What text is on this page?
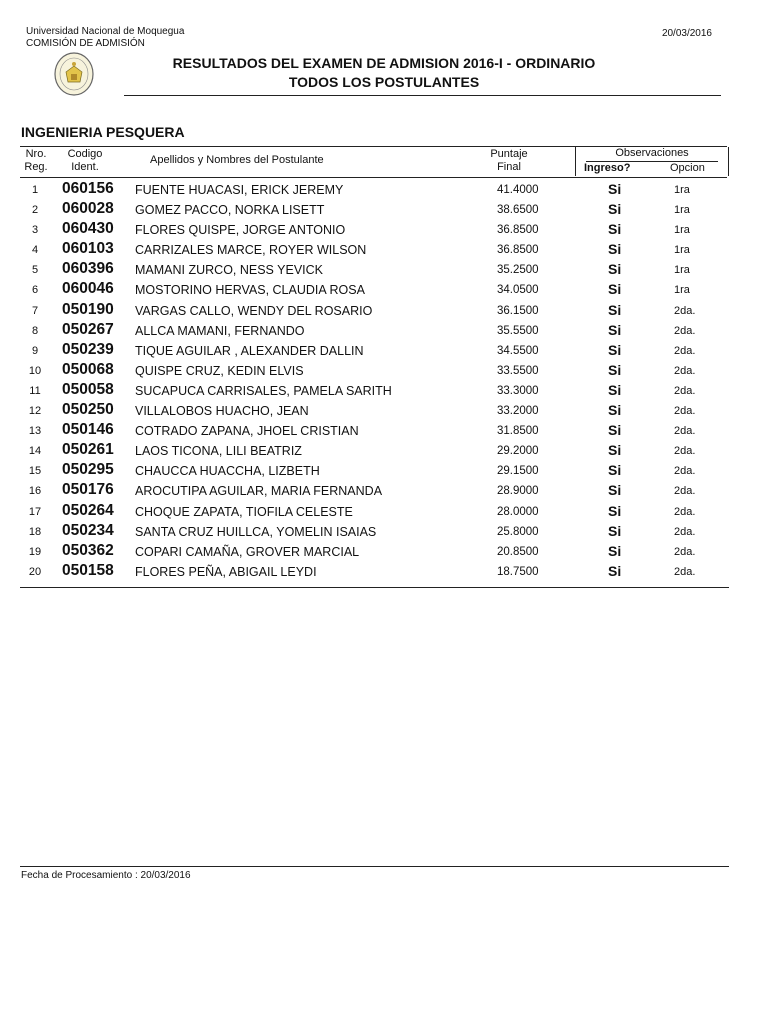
Universidad Nacional de Moquegua
COMISIÓN DE ADMISIÓN
20/03/2016
RESULTADOS DEL EXAMEN DE ADMISION 2016-I - ORDINARIO
TODOS LOS POSTULANTES
INGENIERIA PESQUERA
Nro.
Reg.
Codigo
Ident.
Apellidos y Nombres del Postulante	Puntaje
Final
Observaciones
Ingreso?	Opcion
1	060156 FUENTE HUACASI, ERICK JEREMY	41.4000	Si	1ra
2	060028 GOMEZ PACCO, NORKA LISETT	38.6500	Si	1ra
3	060430 FLORES QUISPE, JORGE ANTONIO	36.8500	Si	1ra
4	060103 CARRIZALES MARCE, ROYER WILSON	36.8500	Si	1ra
5	060396 MAMANI ZURCO, NESS YEVICK	35.2500	Si	1ra
6	060046 MOSTORINO HERVAS, CLAUDIA ROSA	34.0500	Si	1ra
7	050190 VARGAS CALLO, WENDY DEL ROSARIO	36.1500	Si	2da.
8	050267 ALLCA MAMANI, FERNANDO	35.5500	Si	2da.
9	050239 TIQUE AGUILAR , ALEXANDER DALLIN	34.5500	Si	2da.
10	050068 QUISPE CRUZ, KEDIN ELVIS	33.5500	Si	2da.
11	050058 SUCAPUCA CARRISALES, PAMELA SARITH	33.3000	Si	2da.
12	050250 VILLALOBOS HUACHO, JEAN	33.2000	Si	2da.
13	050146 COTRADO ZAPANA, JHOEL CRISTIAN	31.8500	Si	2da.
14	050261 LAOS TICONA, LILI BEATRIZ	29.2000	Si	2da.
15	050295 CHAUCCA HUACCHA, LIZBETH	29.1500	Si	2da.
16	050176 AROCUTIPA AGUILAR, MARIA FERNANDA	28.9000	Si	2da.
17	050264 CHOQUE ZAPATA, TIOFILA CELESTE	28.0000	Si	2da.
18	050234 SANTA CRUZ HUILLCA, YOMELIN ISAIAS	25.8000	Si	2da.
19	050362 COPARI CAMAÑA, GROVER MARCIAL	20.8500	Si	2da.
20	050158 FLORES PEÑA, ABIGAIL LEYDI	18.7500	Si	2da.
Fecha de Procesamiento : 20/03/2016
